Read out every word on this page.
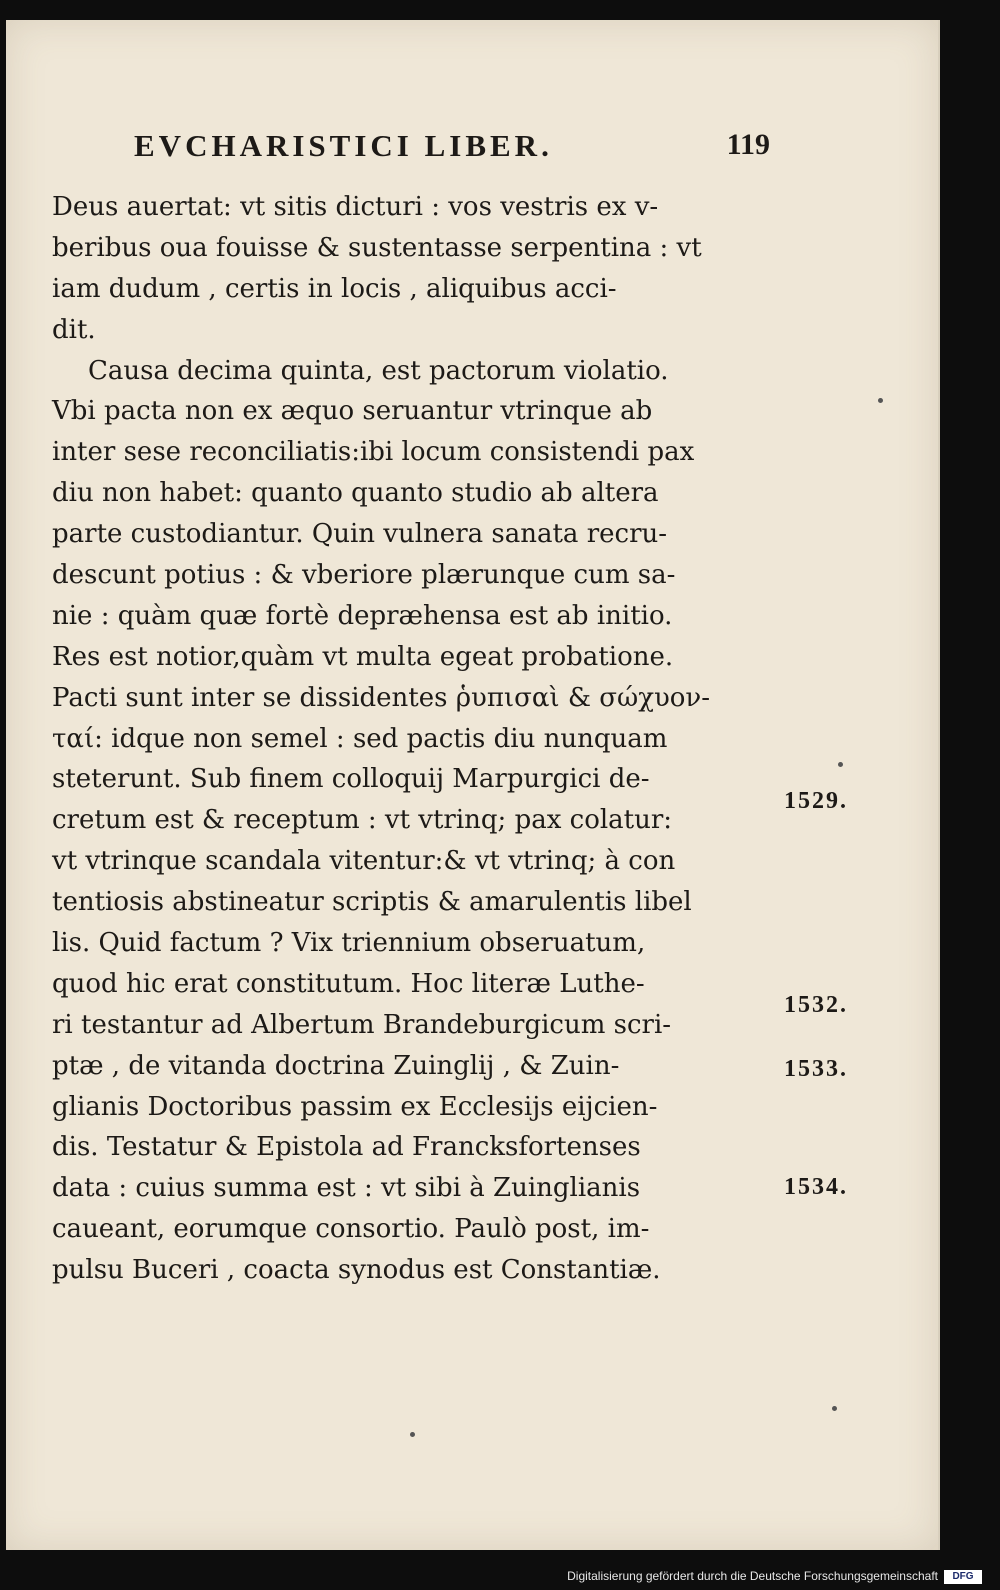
EVCHARISTICI LIBER.	119
Deus auertat: vt sitis dicturi : vos vestris ex v-
beribus oua fouisse & sustentasse serpentina : vt
iam dudum , certis in locis , aliquibus acci-
dit.
Causa decima quinta, est pactorum violatio.
Vbi pacta non ex æquo seruantur vtrinque ab
inter sese reconciliatis:ibi locum consistendi pax
diu non habet: quanto quanto studio ab altera
parte custodiantur. Quin vulnera sanata recru-
descunt potius : & vberiore plærunque cum sa-
nie : quàm quæ fortè depræhensa est ab initio.
Res est notior,quàm vt multa egeat probatione.
Pacti sunt inter se dissidentes ῥυπισαὶ & σώχυον-
ταί: idque non semel : sed pactis diu nunquam
steterunt. Sub finem colloquij Marpurgici de-
cretum est & receptum : vt vtrinq; pax colatur:
vt vtrinque scandala vitentur:& vt vtrinq; à con
tentiosis abstineatur scriptis & amarulentis libel
lis. Quid factum ? Vix triennium obseruatum,
quod hic erat constitutum. Hoc literæ Luthe-
ri testantur ad Albertum Brandeburgicum scri-
ptæ , de vitanda doctrina Zuinglij , & Zuin-
glianis Doctoribus passim ex Ecclesijs eijcien-
dis. Testatur & Epistola ad Francksfortenses
data : cuius summa est : vt sibi à Zuinglianis
caueant, eorumque consortio. Paulò post, im-
pulsu Buceri , coacta synodus est Constantiæ.
1529.
1532.
1533.
1534.
Digitalisierung gefördert durch die Deutsche Forschungsgemeinschaft	DFG
